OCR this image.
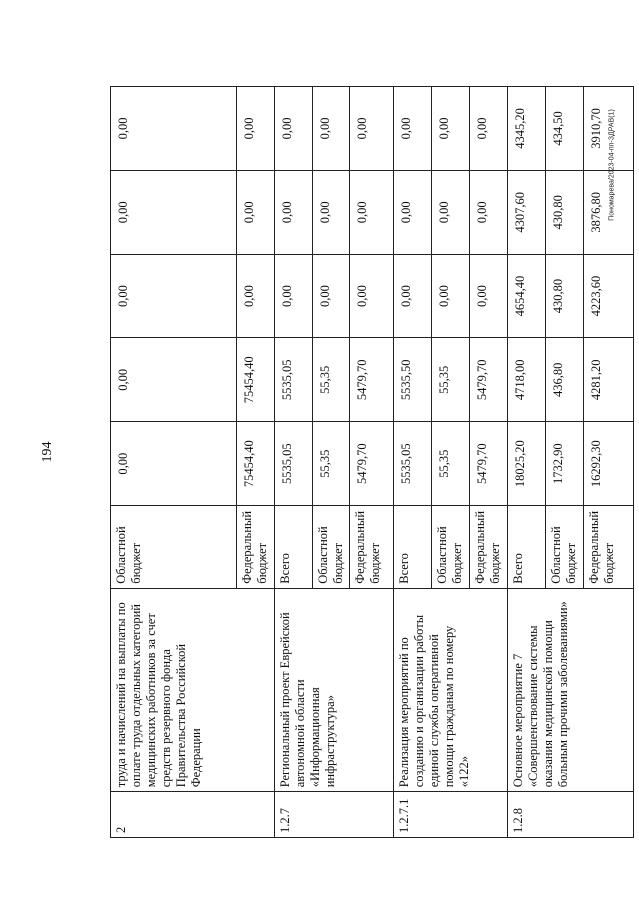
194
Пономарева/2023-04-пп-ЗДРАВ(1)
2	труда и начислений на выплаты по оплате труда отдельных категорий медицинских работников за счет средств резервного фонда Правительства Российской Федерации	Областной бюджет	0,00	0,00	0,00	0,00	0,00
		Федеральный бюджет	75454,40	75454,40	0,00	0,00	0,00
1.2.7	Региональный проект Еврейской автономной области «Информационная инфраструктура»	Всего	5535,05	5535,05	0,00	0,00	0,00
		Областной бюджет	55,35	55,35	0,00	0,00	0,00
		Федеральный бюджет	5479,70	5479,70	0,00	0,00	0,00
1.2.7.1	Реализация мероприятий по созданию и организации работы единой службы оперативной помощи гражданам по номеру «122»	Всего	5535,05	5535,50	0,00	0,00	0,00
		Областной бюджет	55,35	55,35	0,00	0,00	0,00
		Федеральный бюджет	5479,70	5479,70	0,00	0,00	0,00
1.2.8	Основное мероприятие 7 «Совершенствование системы оказания медицинской помощи больным прочими заболеваниями»	Всего	18025,20	4718,00	4654,40	4307,60	4345,20
		Областной бюджет	1732,90	436,80	430,80	430,80	434,50
		Федеральный бюджет	16292,30	4281,20	4223,60	3876,80	3910,70
